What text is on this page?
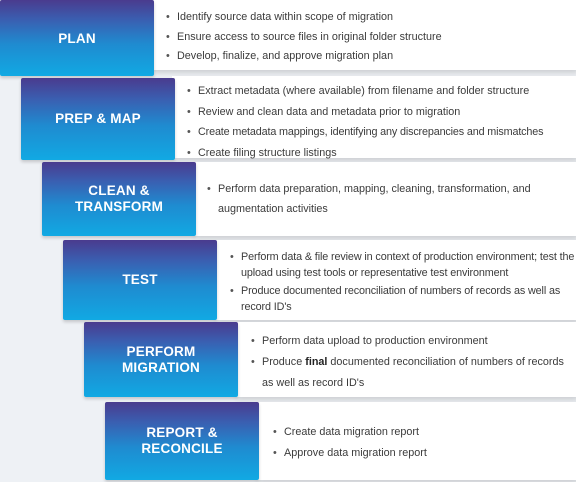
• Identify source data within scope of migration
• Ensure access to source files in original folder structure
• Develop, finalize, and approve migration plan
PLAN
• Extract metadata (where available) from filename and folder structure
• Review and clean data and metadata prior to migration
• Create metadata mappings, identifying any discrepancies and mismatches
• Create filing structure listings
PREP & MAP
• Perform data preparation, mapping, cleaning, transformation, and augmentation activities
CLEAN &
TRANSFORM
• Perform data & file review in context of production environment; test the upload using test tools or representative test environment
• Produce documented reconciliation of numbers of records as well as record ID's
TEST
• Perform data upload to production environment
• Produce final documented reconciliation of numbers of records as well as record ID's
PERFORM
MIGRATION
• Create data migration report
• Approve data migration report
REPORT &
RECONCILE
